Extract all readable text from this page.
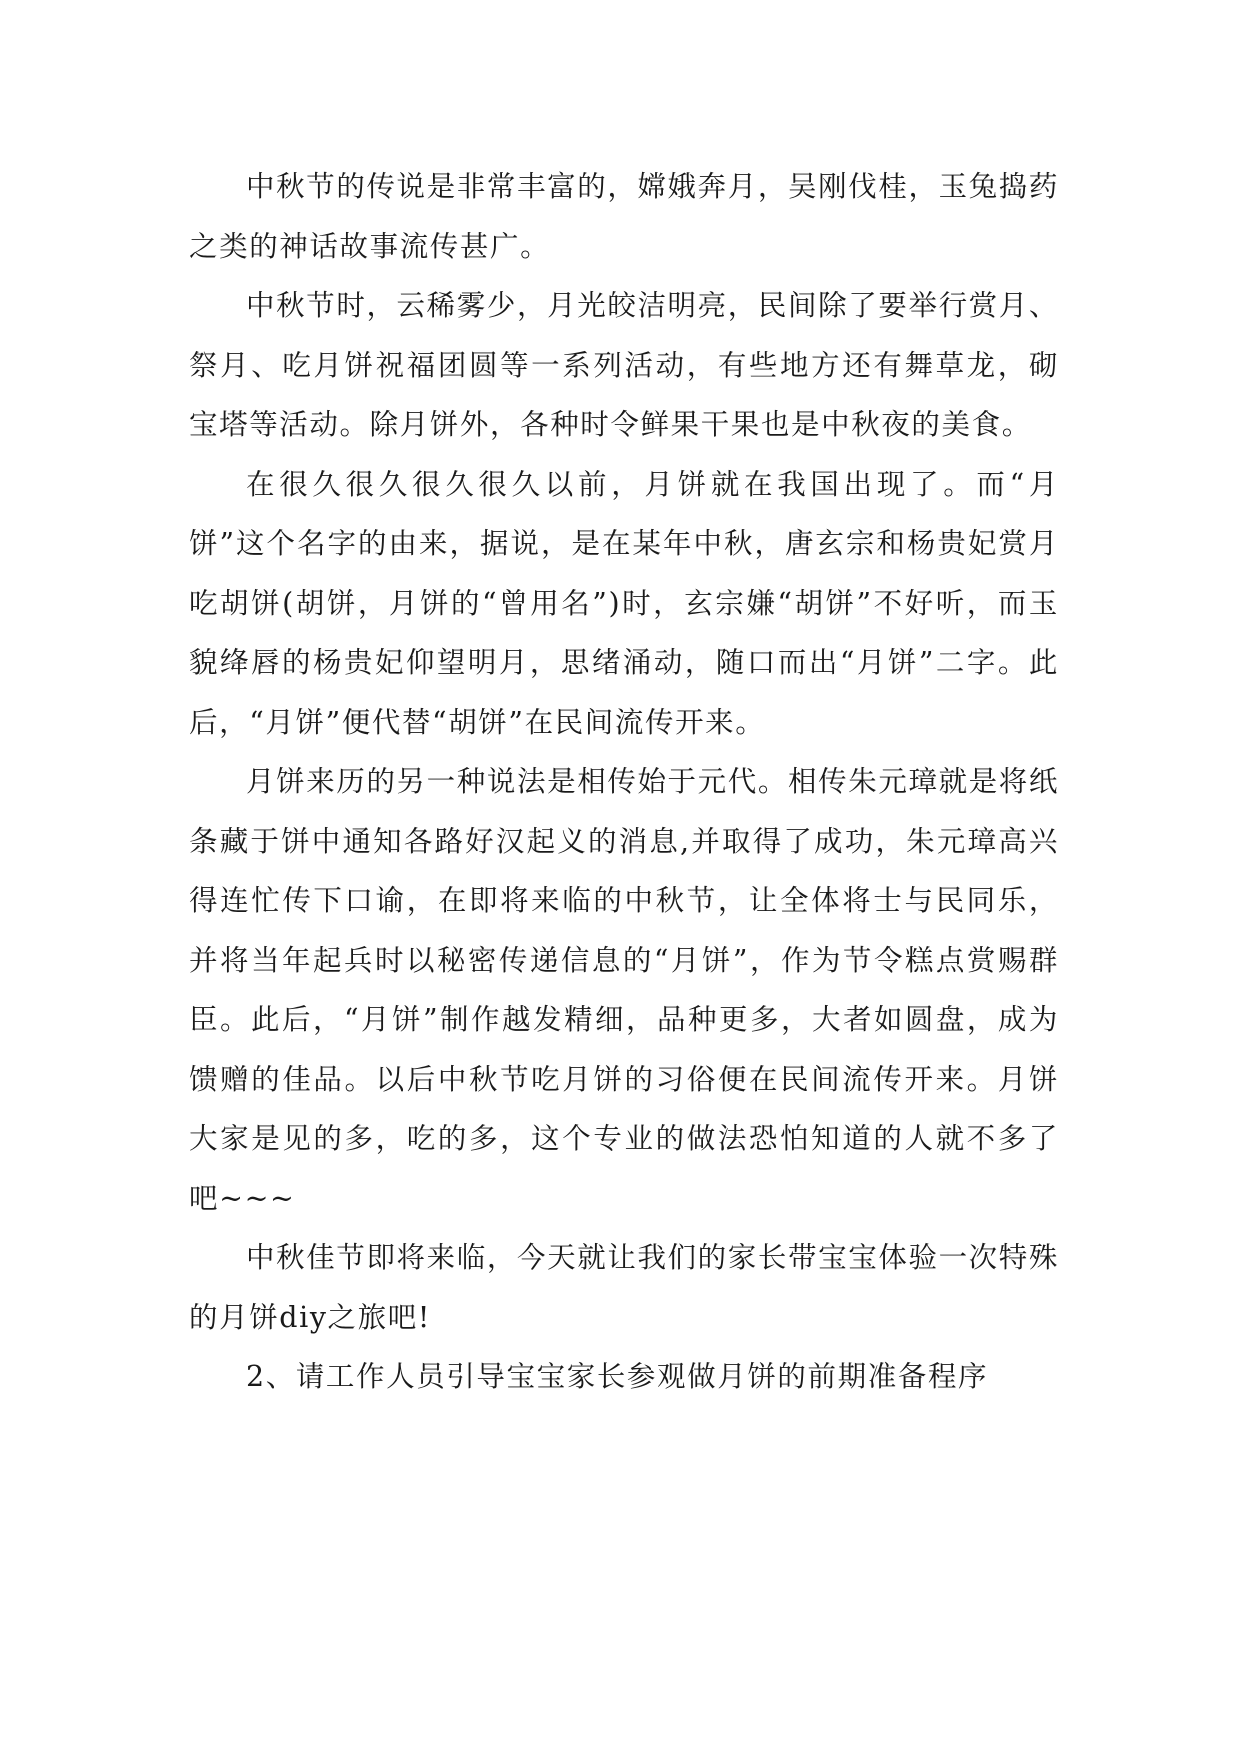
中秋节的传说是非常丰富的，嫦娥奔月，吴刚伐桂，玉兔捣药之类的神话故事流传甚广。

中秋节时，云稀雾少，月光皎洁明亮，民间除了要举行赏月、祭月、吃月饼祝福团圆等一系列活动，有些地方还有舞草龙，砌宝塔等活动。除月饼外，各种时令鲜果干果也是中秋夜的美食。

在很久很久很久很久以前，月饼就在我国出现了。而“月饼”这个名字的由来，据说，是在某年中秋，唐玄宗和杨贵妃赏月吃胡饼(胡饼，月饼的“曾用名”)时，玄宗嫌“胡饼”不好听，而玉貌绛唇的杨贵妃仰望明月，思绪涌动，随口而出“月饼”二字。此后，“月饼”便代替“胡饼”在民间流传开来。

月饼来历的另一种说法是相传始于元代。相传朱元璋就是将纸条藏于饼中通知各路好汉起义的消息,并取得了成功，朱元璋高兴得连忙传下口谕，在即将来临的中秋节，让全体将士与民同乐，并将当年起兵时以秘密传递信息的“月饼”，作为节令糕点赏赐群臣。此后，“月饼”制作越发精细，品种更多，大者如圆盘，成为馈赠的佳品。以后中秋节吃月饼的习俗便在民间流传开来。月饼大家是见的多，吃的多，这个专业的做法恐怕知道的人就不多了吧~~~

中秋佳节即将来临，今天就让我们的家长带宝宝体验一次特殊的月饼diy之旅吧!

2、请工作人员引导宝宝家长参观做月饼的前期准备程序
